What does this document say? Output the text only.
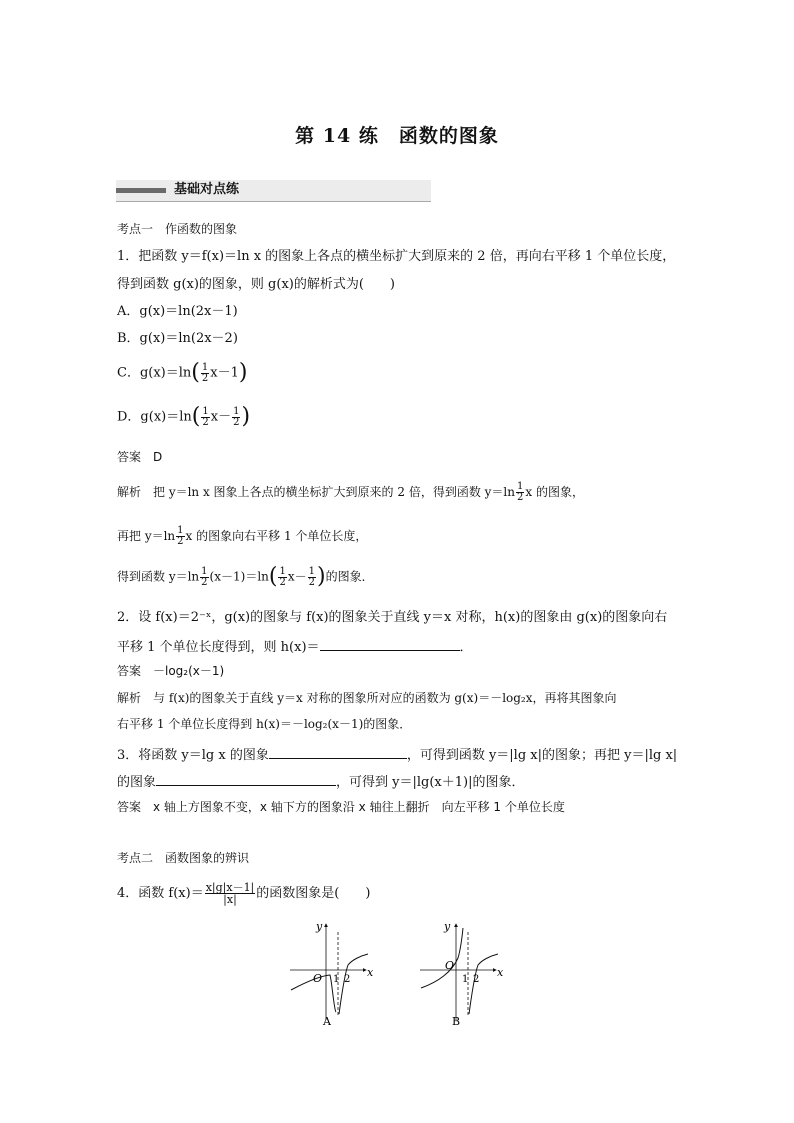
第 14 练　函数的图象
基础对点练
考点一　作函数的图象
1．把函数 y＝f(x)＝ln x 的图象上各点的横坐标扩大到原来的 2 倍，再向右平移 1 个单位长度，
得到函数 g(x)的图象，则 g(x)的解析式为(　　)
A．g(x)＝ln(2x－1)
B．g(x)＝ln(2x－2)
C．$g(x)=\ln( \frac{1}{2} x-1)$
D．$g(x)=\ln( \frac{1}{2} x- \frac{1}{2}$ )
答案　D
解析　把 y＝ln x 图象上各点的横坐标扩大到原来的 2 倍，得到函数 $y=\ln \frac{1}{2}$ x 的图象，
再把 $y=\ln \frac{1}{2}$ x 的图象向右平移 1 个单位长度，
得到函数 $y=\ln \frac{1}{2} (x-1)=\ln( \frac{1}{2} x- \frac{1}{2}$ )的图象．
2．设 f(x)＝2⁻ˣ，g(x)的图象与 f(x)的图象关于直线 y＝x 对称，h(x)的图象由 g(x)的图象向右
平移 1 个单位长度得到，则 h(x)＝	．
答案　－log₂(x－1)
解析　与 f(x)的图象关于直线 y＝x 对称的图象所对应的函数为 g(x)＝－log₂x，再将其图象向
右平移 1 个单位长度得到 h(x)＝－log₂(x－1)的图象．
3．将函数 y＝lg x 的图象	，可得到函数 y＝|lg x|的图象；再把 y＝|lg x|
的图象	，可得到 y＝|lg(x＋1)|的图象．
答案　x 轴上方图象不变，x 轴下方的图象沿 x 轴往上翻折　向左平移 1 个单位长度
考点二　函数图象的辨识
4．函数 $f(x)= \frac{x|g|x-1|}{|x|}$ 的函数图象是(　　)
y
x
O 1 2
A
y
x
O
1 2
B
